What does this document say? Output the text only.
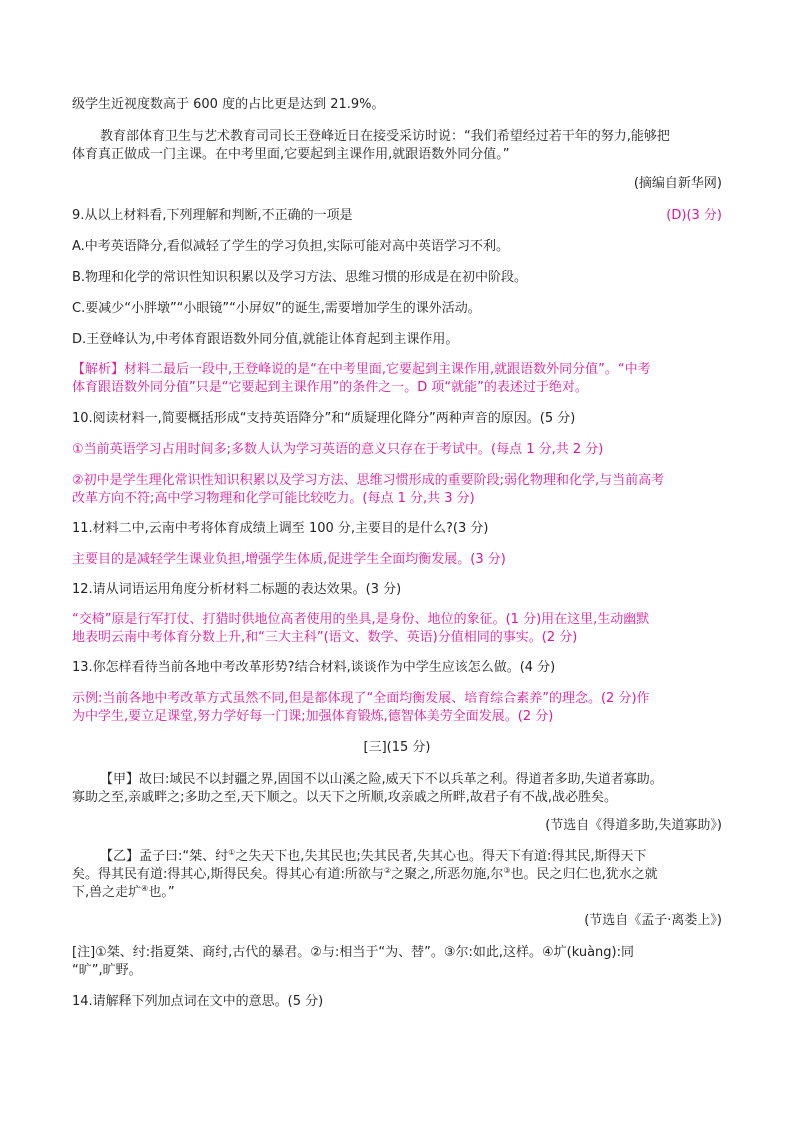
级学生近视度数高于 600 度的占比更是达到 21.9%。
教育部体育卫生与艺术教育司司长王登峰近日在接受采访时说：“我们希望经过若干年的努力,能够把
体育真正做成一门主课。在中考里面,它要起到主课作用,就跟语数外同分值。”
(摘编自新华网)
9.从以上材料看,下列理解和判断,不正确的一项是	(D)(3 分)
A.中考英语降分,看似减轻了学生的学习负担,实际可能对高中英语学习不利。
B.物理和化学的常识性知识积累以及学习方法、思维习惯的形成是在初中阶段。
C.要减少“小胖墩”“小眼镜”“小屏奴”的诞生,需要增加学生的课外活动。
D.王登峰认为,中考体育跟语数外同分值,就能让体育起到主课作用。
【解析】材料二最后一段中,王登峰说的是“在中考里面,它要起到主课作用,就跟语数外同分值”。“中考
体育跟语数外同分值”只是“它要起到主课作用”的条件之一。D 项“就能”的表述过于绝对。
10.阅读材料一,简要概括形成“支持英语降分”和“质疑理化降分”两种声音的原因。(5 分)
①当前英语学习占用时间多;多数人认为学习英语的意义只存在于考试中。(每点 1 分,共 2 分)
②初中是学生理化常识性知识积累以及学习方法、思维习惯形成的重要阶段;弱化物理和化学,与当前高考
改革方向不符;高中学习物理和化学可能比较吃力。(每点 1 分,共 3 分)
11.材料二中,云南中考将体育成绩上调至 100 分,主要目的是什么?(3 分)
主要目的是减轻学生课业负担,增强学生体质,促进学生全面均衡发展。(3 分)
12.请从词语运用角度分析材料二标题的表达效果。(3 分)
“交椅”原是行军打仗、打猎时供地位高者使用的坐具,是身份、地位的象征。(1 分)用在这里,生动幽默
地表明云南中考体育分数上升,和“三大主科”(语文、数学、英语)分值相同的事实。(2 分)
13.你怎样看待当前各地中考改革形势?结合材料,谈谈作为中学生应该怎么做。(4 分)
示例:当前各地中考改革方式虽然不同,但是都体现了“全面均衡发展、培育综合素养”的理念。(2 分)作
为中学生,要立足课堂,努力学好每一门课;加强体育锻炼,德智体美劳全面发展。(2 分)
[三](15 分)
【甲】故曰:域民不以封疆之界,固国不以山溪之险,威天下不以兵革之利。得道者多助,失道者寡助。
寡助之至,亲戚畔之;多助之至,天下顺之。以天下之所顺,攻亲戚之所畔,故君子有不战,战必胜矣。
(节选自《得道多助,失道寡助》)
【乙】孟子曰:“桀、纣①之失天下也,失其民也;失其民者,失其心也。得天下有道:得其民,斯得天下
矣。得其民有道:得其心,斯得民矣。得其心有道:所欲与②之聚之,所恶勿施,尔③也。民之归仁也,犹水之就
下,兽之走圹④也。”
(节选自《孟子·离娄上》)
[注]①桀、纣:指夏桀、商纣,古代的暴君。②与:相当于“为、替”。③尔:如此,这样。④圹(kuàng):同
“旷”,旷野。
14.请解释下列加点词在文中的意思。(5 分)
